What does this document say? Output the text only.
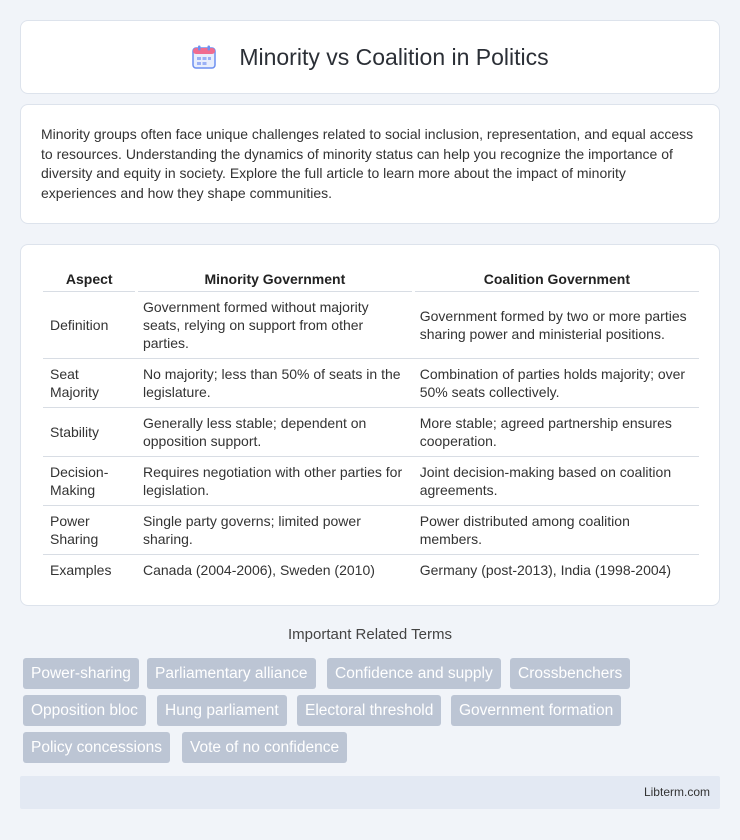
Minority vs Coalition in Politics

Minority groups often face unique challenges related to social inclusion, representation, and equal access to resources. Understanding the dynamics of minority status can help you recognize the importance of diversity and equity in society. Explore the full article to learn more about the impact of minority experiences and how they shape communities.

Aspect	Minority Government	Coalition Government
Definition	Government formed without majority seats, relying on support from other parties.	Government formed by two or more parties sharing power and ministerial positions.
Seat Majority	No majority; less than 50% of seats in the legislature.	Combination of parties holds majority; over 50% seats collectively.
Stability	Generally less stable; dependent on opposition support.	More stable; agreed partnership ensures cooperation.
Decision-Making	Requires negotiation with other parties for legislation.	Joint decision-making based on coalition agreements.
Power Sharing	Single party governs; limited power sharing.	Power distributed among coalition members.
Examples	Canada (2004-2006), Sweden (2010)	Germany (post-2013), India (1998-2004)
Important Related Terms
Power-sharing	Parliamentary alliance	Confidence and supply	Crossbenchers
Opposition bloc	Hung parliament	Electoral threshold	Government formation
Policy concessions	Vote of no confidence
Libterm.com
